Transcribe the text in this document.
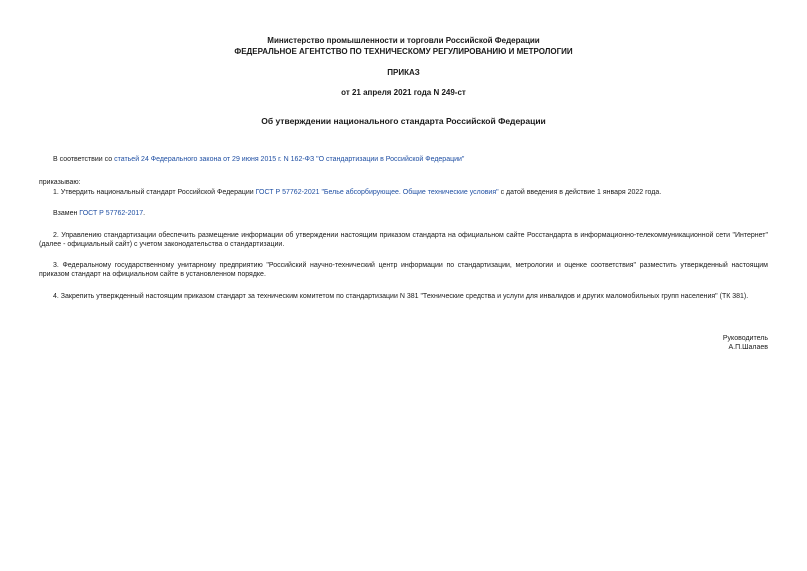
Министерство промышленности и торговли Российской Федерации
ФЕДЕРАЛЬНОЕ АГЕНТСТВО ПО ТЕХНИЧЕСКОМУ РЕГУЛИРОВАНИЮ И МЕТРОЛОГИИ
ПРИКАЗ
от 21 апреля 2021 года N 249-ст
Об утверждении национального стандарта Российской Федерации
В соответствии со статьей 24 Федерального закона от 29 июня 2015 г. N 162-ФЗ "О стандартизации в Российской Федерации"
приказываю:
1. Утвердить национальный стандарт Российской Федерации ГОСТ Р 57762-2021 "Белье абсорбирующее. Общие технические условия" с датой введения в действие 1 января 2022 года.
Взамен ГОСТ Р 57762-2017.
2. Управлению стандартизации обеспечить размещение информации об утверждении настоящим приказом стандарта на официальном сайте Росстандарта в информационно-телекоммуникационной сети "Интернет" (далее - официальный сайт) с учетом законодательства о стандартизации.
3. Федеральному государственному унитарному предприятию "Российский научно-технический центр информации по стандартизации, метрологии и оценке соответствия" разместить утвержденный настоящим приказом стандарт на официальном сайте в установленном порядке.
4. Закрепить утвержденный настоящим приказом стандарт за техническим комитетом по стандартизации N 381 "Технические средства и услуги для инвалидов и других маломобильных групп населения" (ТК 381).
Руководитель
А.П.Шалаев
